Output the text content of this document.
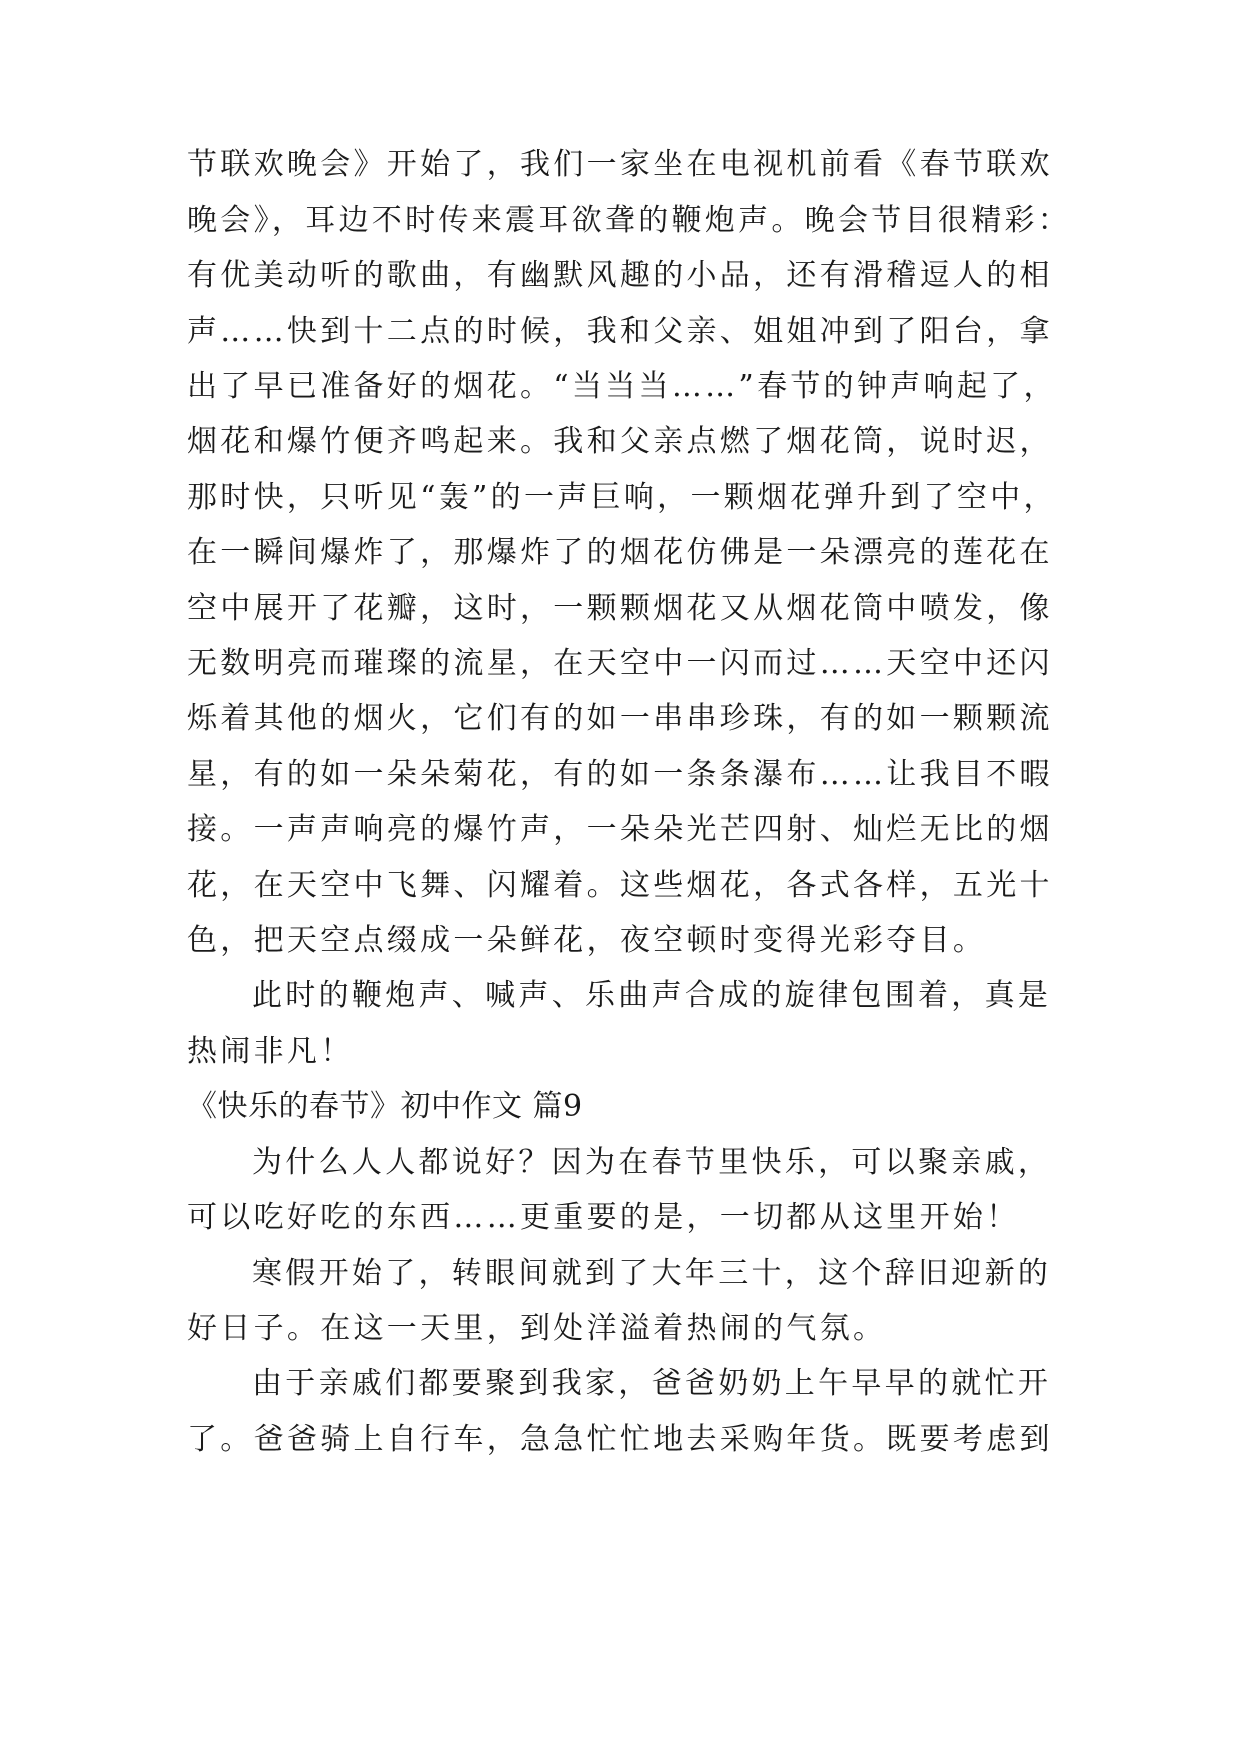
节联欢晚会》开始了，我们一家坐在电视机前看《春节联欢
晚会》，耳边不时传来震耳欲聋的鞭炮声。晚会节目很精彩：
有优美动听的歌曲，有幽默风趣的小品，还有滑稽逗人的相
声……快到十二点的时候，我和父亲、姐姐冲到了阳台，拿
出了早已准备好的烟花。“当当当……”春节的钟声响起了，
烟花和爆竹便齐鸣起来。我和父亲点燃了烟花筒，说时迟，
那时快，只听见“轰”的一声巨响，一颗烟花弹升到了空中，
在一瞬间爆炸了，那爆炸了的烟花仿佛是一朵漂亮的莲花在
空中展开了花瓣，这时，一颗颗烟花又从烟花筒中喷发，像
无数明亮而璀璨的流星，在天空中一闪而过……天空中还闪
烁着其他的烟火，它们有的如一串串珍珠，有的如一颗颗流
星，有的如一朵朵菊花，有的如一条条瀑布……让我目不暇
接。一声声响亮的爆竹声，一朵朵光芒四射、灿烂无比的烟
花，在天空中飞舞、闪耀着。这些烟花，各式各样，五光十
色，把天空点缀成一朵鲜花，夜空顿时变得光彩夺目。
此时的鞭炮声、喊声、乐曲声合成的旋律包围着，真是
热闹非凡！
《快乐的春节》初中作文 篇9
为什么人人都说好？因为在春节里快乐，可以聚亲戚，
可以吃好吃的东西……更重要的是，一切都从这里开始！
寒假开始了，转眼间就到了大年三十，这个辞旧迎新的
好日子。在这一天里，到处洋溢着热闹的气氛。
由于亲戚们都要聚到我家，爸爸奶奶上午早早的就忙开
了。爸爸骑上自行车，急急忙忙地去采购年货。既要考虑到
